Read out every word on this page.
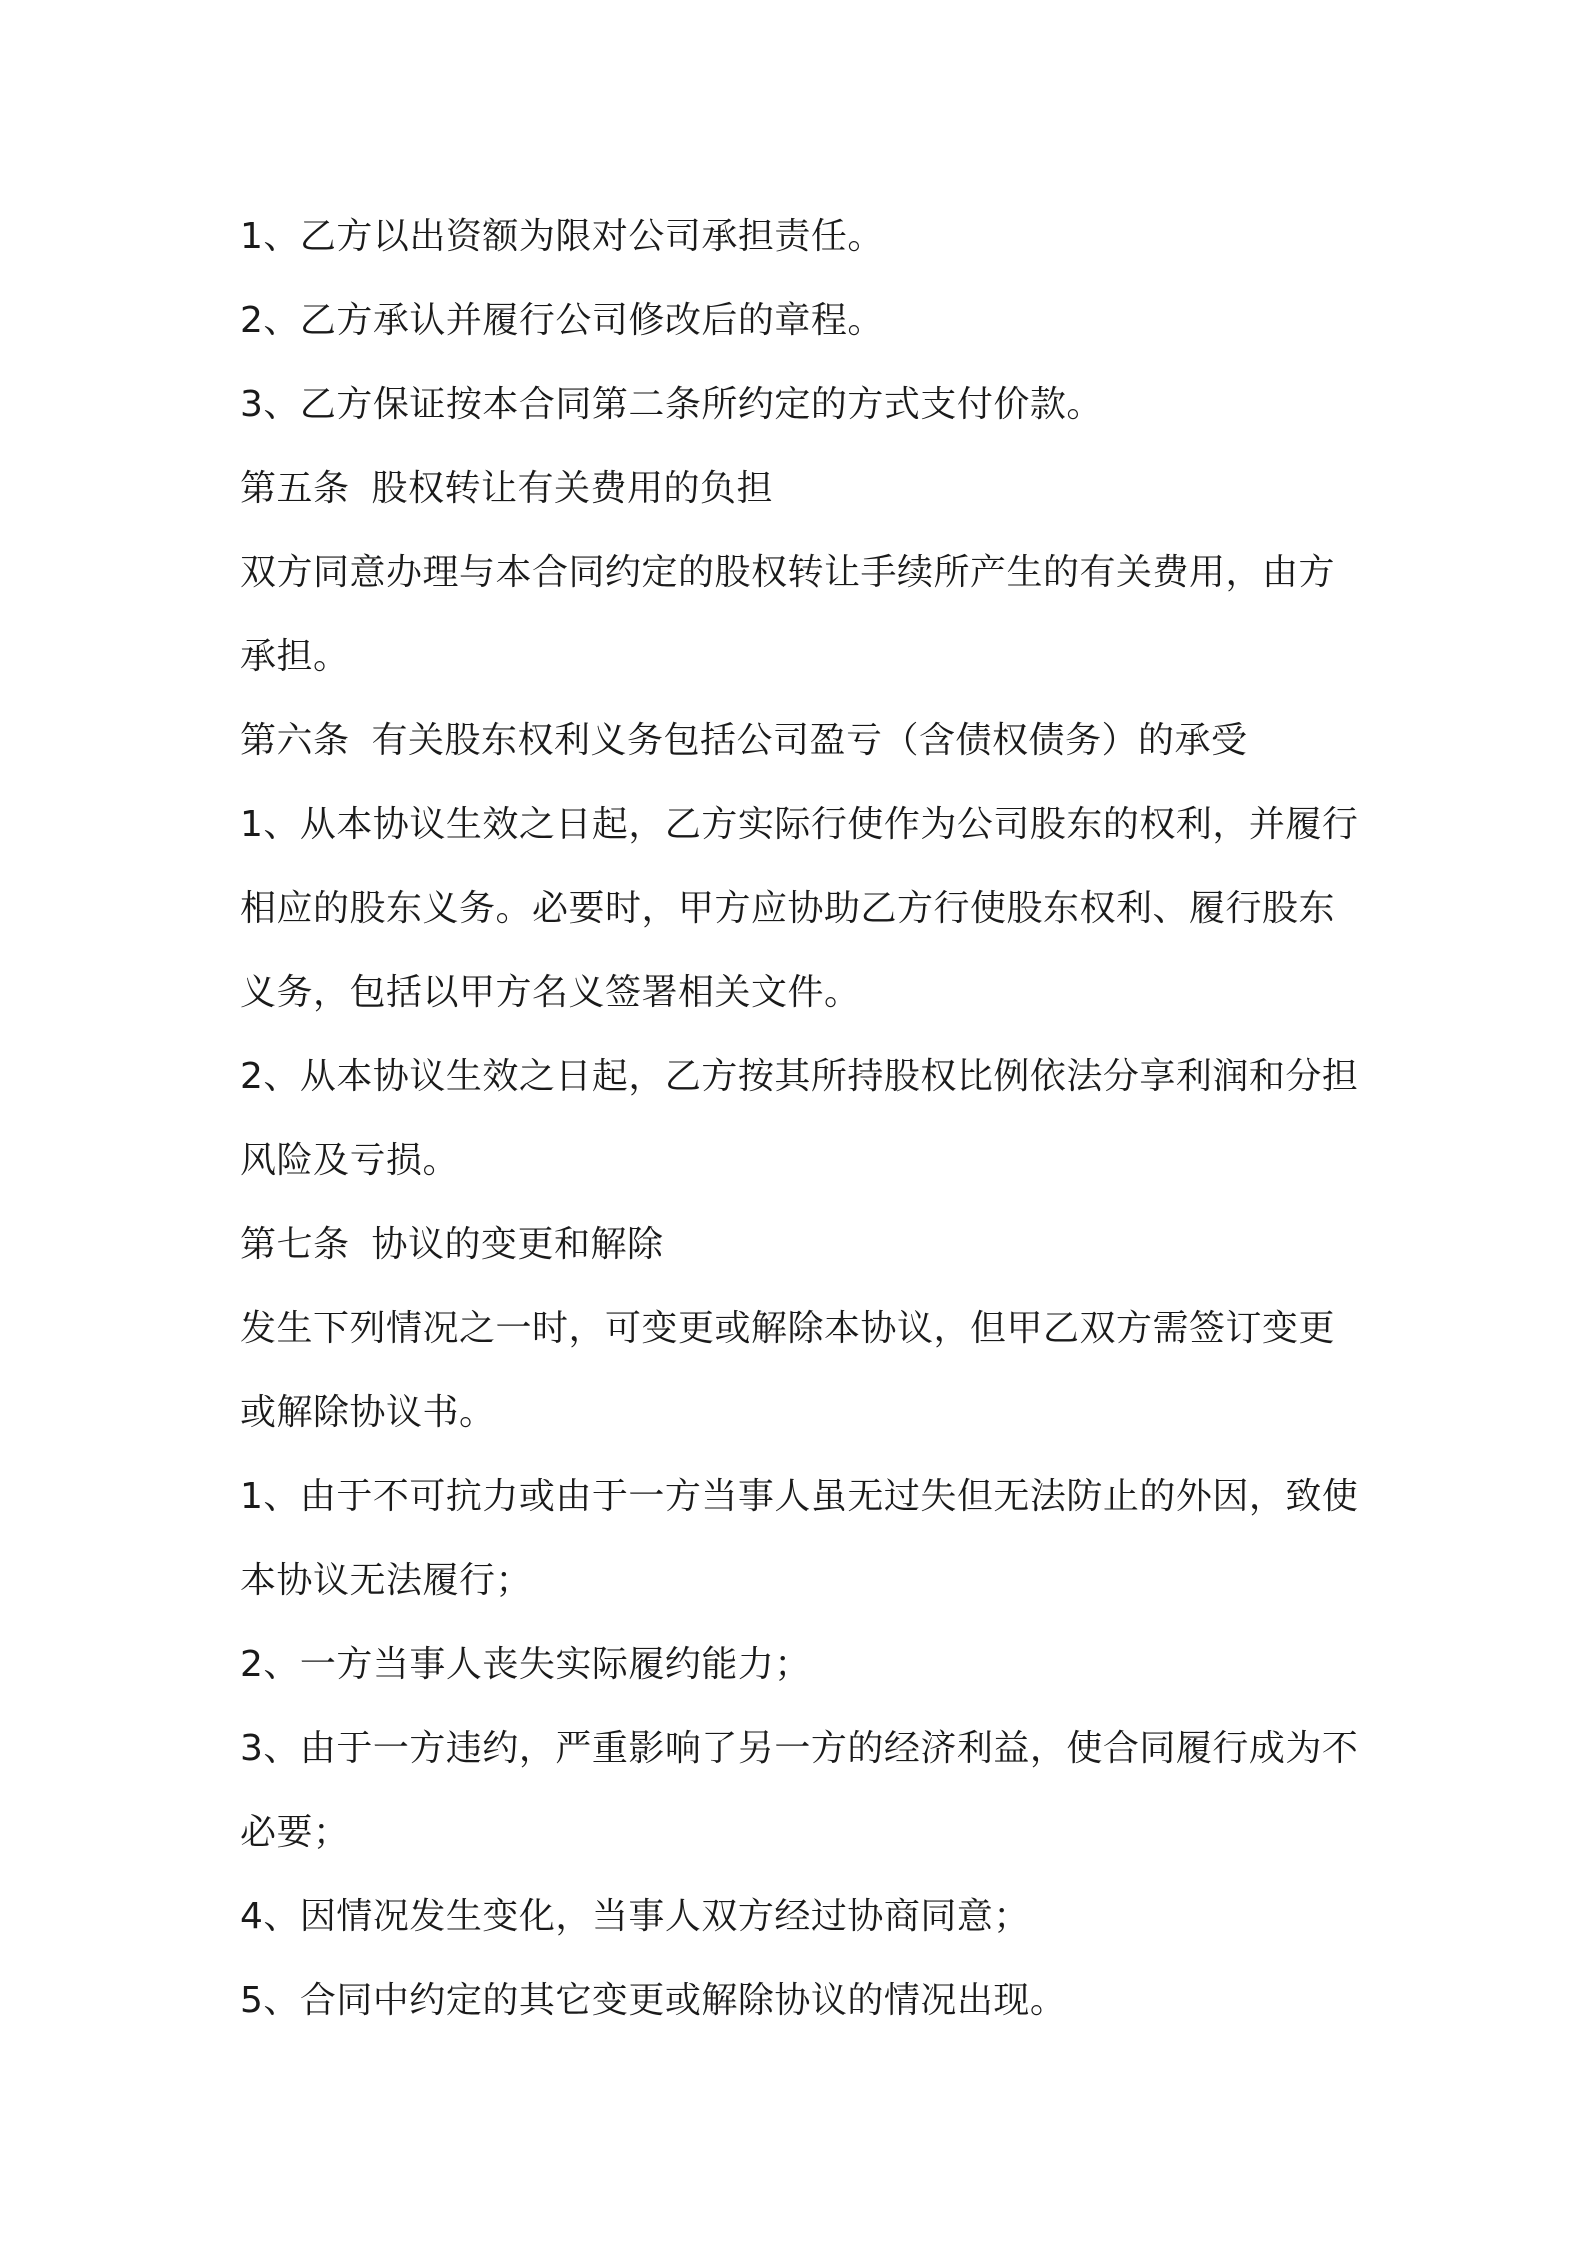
1、乙方以出资额为限对公司承担责任。

2、乙方承认并履行公司修改后的章程。

3、乙方保证按本合同第二条所约定的方式支付价款。

第五条 股权转让有关费用的负担

双方同意办理与本合同约定的股权转让手续所产生的有关费用，由方承担。

第六条 有关股东权利义务包括公司盈亏（含债权债务）的承受

1、从本协议生效之日起，乙方实际行使作为公司股东的权利，并履行相应的股东义务。必要时，甲方应协助乙方行使股东权利、履行股东义务，包括以甲方名义签署相关文件。

2、从本协议生效之日起，乙方按其所持股权比例依法分享利润和分担风险及亏损。

第七条 协议的变更和解除

发生下列情况之一时，可变更或解除本协议，但甲乙双方需签订变更或解除协议书。

1、由于不可抗力或由于一方当事人虽无过失但无法防止的外因，致使本协议无法履行；

2、一方当事人丧失实际履约能力；

3、由于一方违约，严重影响了另一方的经济利益，使合同履行成为不必要；

4、因情况发生变化，当事人双方经过协商同意；

5、合同中约定的其它变更或解除协议的情况出现。
